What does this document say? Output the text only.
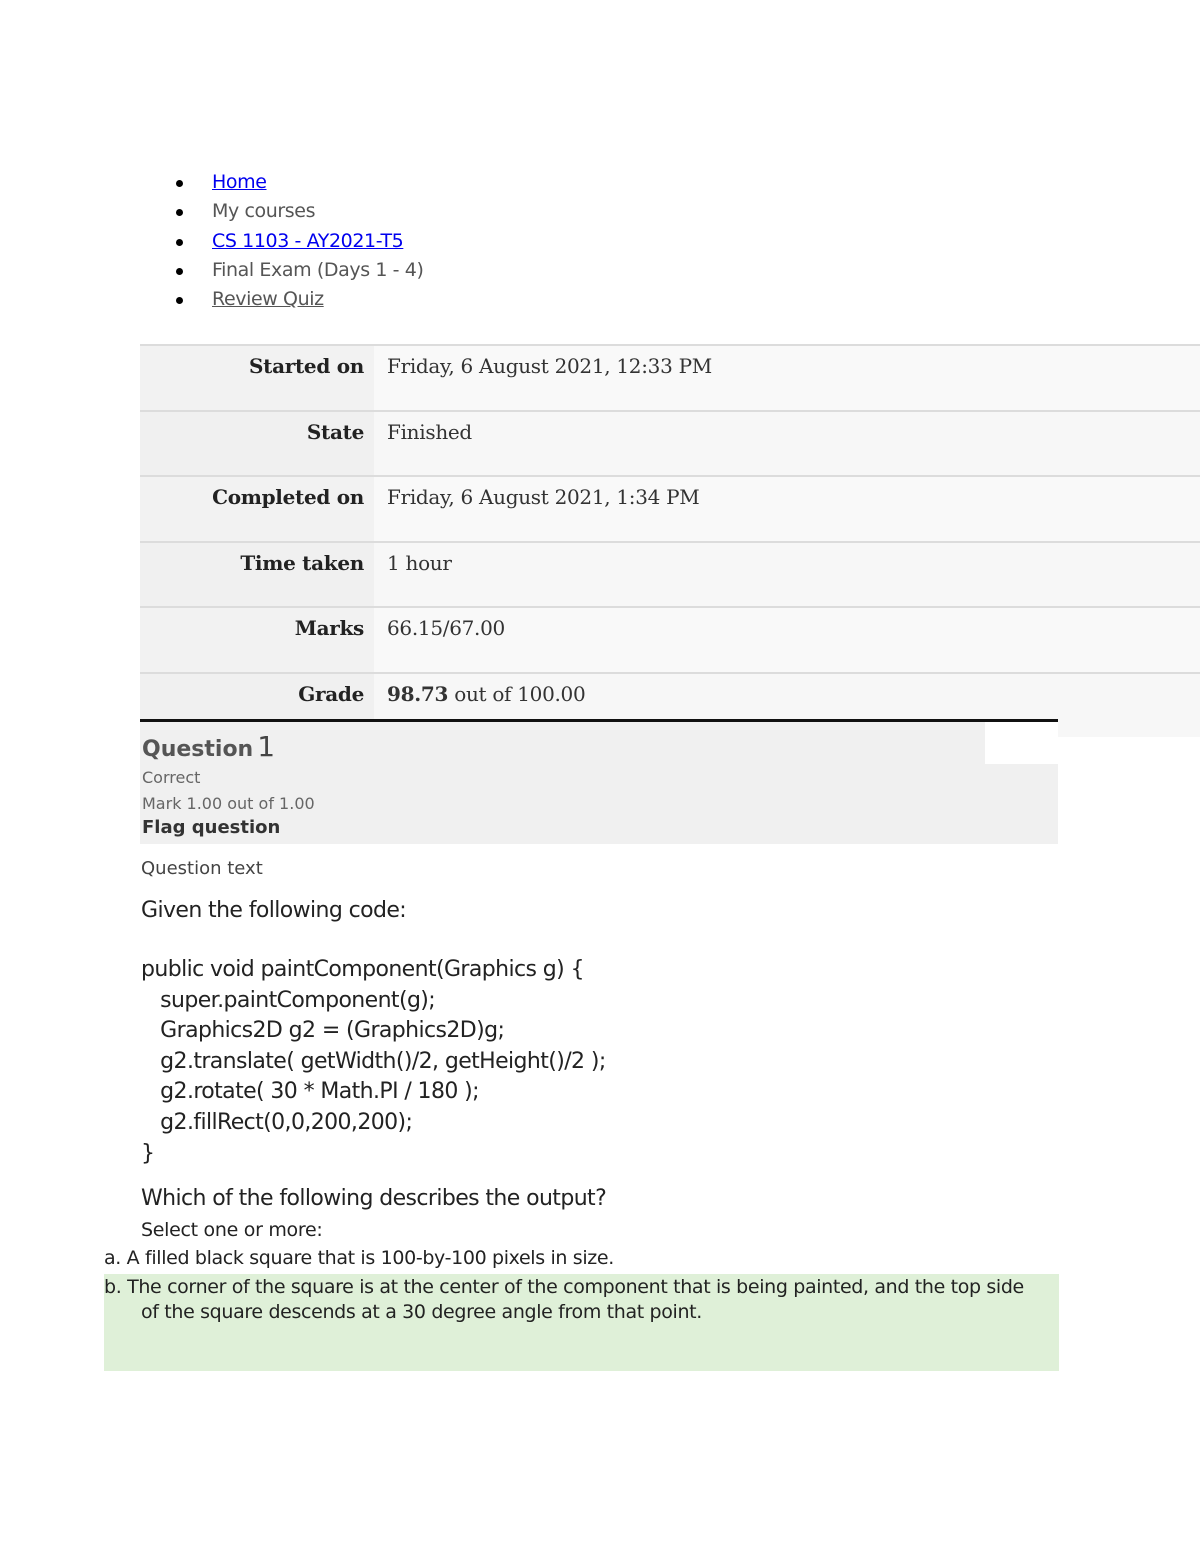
Home
My courses
CS 1103 - AY2021-T5
Final Exam (Days 1 - 4)
Review Quiz
Started on	Friday, 6 August 2021, 12:33 PM
State	Finished
Completed on	Friday, 6 August 2021, 1:34 PM
Time taken	1 hour
Marks	66.15/67.00
Grade	98.73 out of 100.00
Question 1
Correct
Mark 1.00 out of 1.00
Flag question
Question text
Given the following code:
public void paintComponent(Graphics g) {
super.paintComponent(g);
Graphics2D g2 = (Graphics2D)g;
g2.translate( getWidth()/2, getHeight()/2 );
g2.rotate( 30 * Math.PI / 180 );
g2.fillRect(0,0,200,200);
}
Which of the following describes the output?
Select one or more:
a. A filled black square that is 100-by-100 pixels in size.
b. The corner of the square is at the center of the component that is being painted, and the top side
of the square descends at a 30 degree angle from that point.
